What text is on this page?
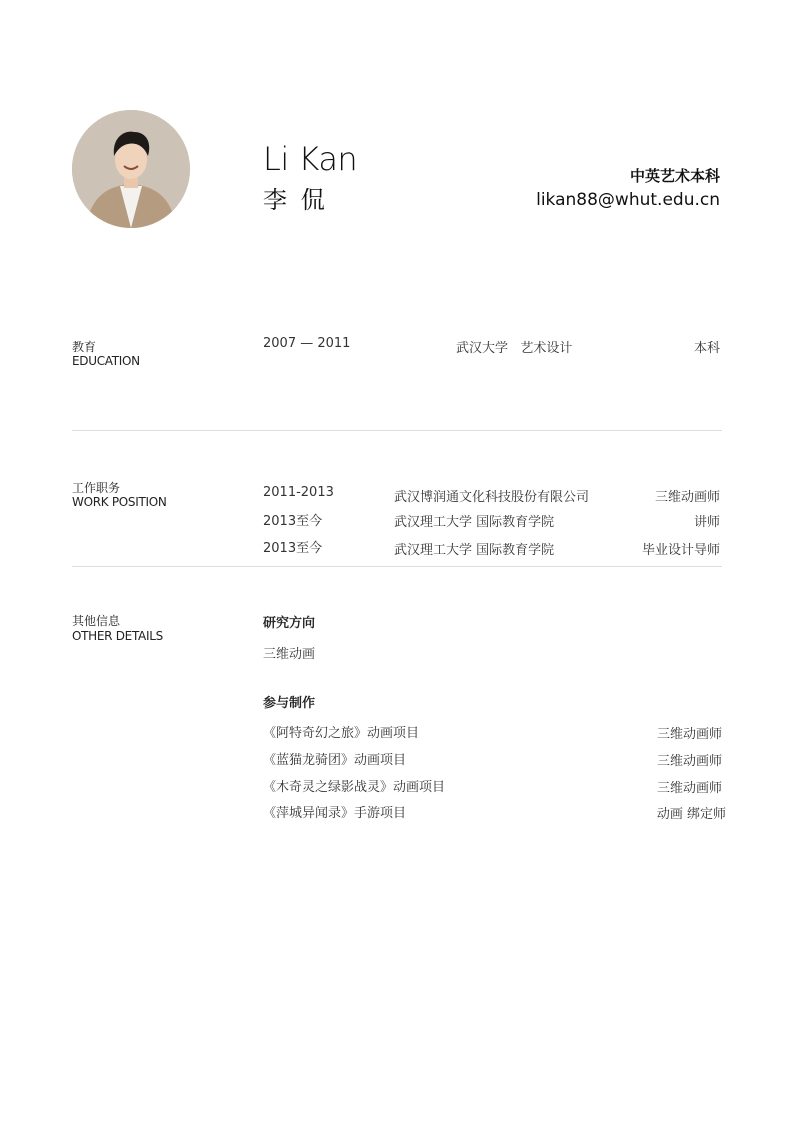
Li Kan
李 侃
中英艺术本科
likan88@whut.edu.cn
教育
EDUCATION
2007 — 2011	武汉大学   艺术设计	本科
工作职务
WORK POSITION
2011-2013	武汉博润通文化科技股份有限公司	三维动画师
2013至今	武汉理工大学 国际教育学院	讲师
2013至今	武汉理工大学 国际教育学院	毕业设计导师
其他信息
OTHER DETAILS
研究方向
三维动画
参与制作
《阿特奇幻之旅》动画项目	三维动画师
《蓝猫龙骑团》动画项目	三维动画师
《木奇灵之绿影战灵》动画项目	三维动画师
《萍城异闻录》手游项目	动画 绑定师
